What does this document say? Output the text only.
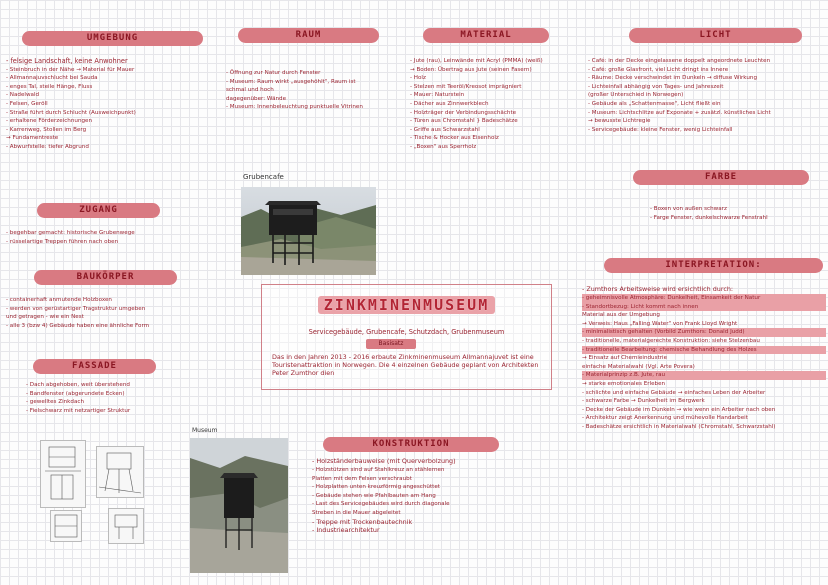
UMGEBUNG	RAUM	MATERIAL	LICHT
FARBE
ZUGANG
BAUKÖRPER
FASSADE
KONSTRUKTION
INTERPRETATION:
- felsige Landschaft, keine Anwohner
- Steinbruch in der Nähe → Material für Mauer
- Allmannajuvschlucht bei Sauda
- enges Tal, steile Hänge, Fluss
- Nadelwald
- Felsen, Geröll
- Straße führt durch Schlucht (Ausweichpunkt)
- erhaltene Förderzeichnungen
- Karrenweg, Stollen im Berg
→ Fundamentreste
- Abwurfstelle: tiefer Abgrund
- Öffnung zur Natur durch Fenster
- Museum: Raum wirkt „ausgehöhlt", Raum ist
schmal und hoch
dagegenüber: Wände
- Museum: Innenbeleuchtung punktuelle Vitrinen
- Jute (rau), Leinwände mit Acryl (PMMA) (weiß)
→ Boden: Übertrag aus Jute (seinen Fasern)
- Holz
- Stelzen mit Teeröl/Kreosot imprägniert
- Mauer: Naturstein
- Dächer aus Zinnwerkblech
- Holzträger der Verbindungsschächte
- Türen aus Chromstahl } Badeschätze
- Griffe aus Schwarzstahl
- Tische & Hocker aus Eisenholz
- „Boxen" aus Sperrholz
- Café: in der Decke eingelassene doppelt angeordnete Leuchten
- Café: große Glasfront, viel Licht dringt ins Innere
- Räume: Decke verschwindet im Dunkeln → diffuse Wirkung
- Lichteinfall abhängig von Tages- und Jahreszeit
(großer Unterschied in Norwegen)
- Gebäude als „Schattenmasse", Licht fließt ein
- Museum: Lichtschlitze auf Exponate + zusätzl. künstliches Licht
→ bewusste Lichtregie
- Servicegebäude: kleine Fenster, wenig Lichteinfall
- Boxen von außen schwarz
- Farge Fenster, dunkelschwarze Fenstrahl
- begehbar gemacht: historische Grubenwege
- rüsselartige Treppen führen nach oben
- containerhaft anmutende Holzboxen
- werden von gerüstartiger Tragstruktur umgeben
und getragen - wie ein Nest
- alle 3 (bzw 4) Gebäude haben eine ähnliche Form
- Dach abgehoben, weit überstehend
- Bandfenster (abgerundete Ecken)
- gewelltes Zinkdach
- Fielschwarz mit netzartiger Struktur
- Holzständerbauweise (mit Querverbolzung)
- Holzstützen sind auf Stahlkreuz an stählernen
Platten mit dem Felsen verschraubt
- Holzplatten unten kreuzförmig angeschüttet
- Gebäude stehen wie Pfahlbauten am Hang
- Last des Servicegebäudes wird durch diagonale
Streben in die Mauer abgeleitet
- Treppe mit Trockenbautechnik
- Industriearchitektur
- Zumthors Arbeitsweise wird ersichtlich durch:
- geheimnisvolle Atmosphäre: Dunkelheit, Einsamkeit der Natur
- Standortbezug: Licht kommt nach innen
Material aus der Umgebung
→ Verweis: Haus „Falling Water" von Frank Lloyd Wright
- minimalistisch gehalten (Vorbild Zumthors: Donald Judd)
- traditionelle, materialgerechte Konstruktion: siehe Stelzenbau
- traditionelle Bearbeitung: chemische Behandlung des Holzes
→ Einsatz auf Chemieindustrie
einfache Materialwahl (Vgl. Arte Povera)
- Materialprinzip z.B. Jute, rau
→ starke emotionales Erleben
- schlichte und einfache Gebäude → einfaches Leben der Arbeiter
- schwarze Farbe → Dunkelheit im Bergwerk
- Decke der Gebäude im Dunkeln → wie wenn ein Arbeiter nach oben
- Architektur zeigt Anerkennung und mühevolle Handarbeit
- Badeschätze ersichtlich in Materialwahl (Chromstahl, Schwarzstahl)
Grubencafe
Museum
ZINKMINENMUSEUM
Servicegebäude, Grubencafe, Schutzdach, Grubenmuseum
Basisatz
Das in den Jahren 2013 - 2016 erbaute Zinkminenmuseum Allmannajuvet ist eine Touristenattraktion in Norwegen. Die 4 einzelnen Gebäude geplant von Architekten Peter Zumthor dien
